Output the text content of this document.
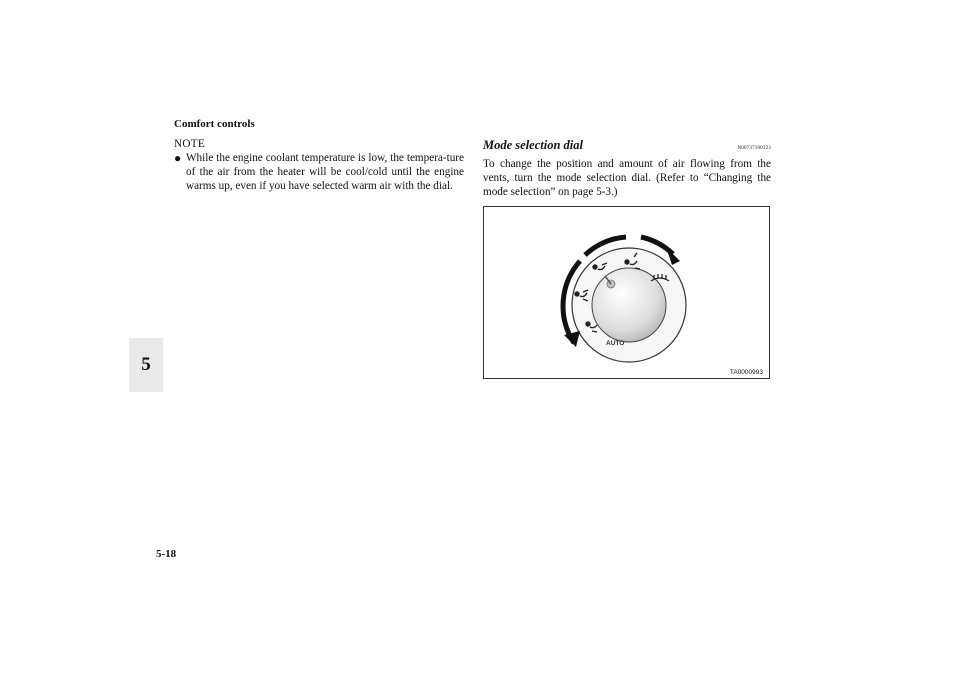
Comfort controls
5
NOTE
● While the engine coolant temperature is low, the tempera-ture of the air from the heater will be cool/cold until the engine warms up, even if you have selected warm air with the dial.
Mode selection dial	N00737100123
To change the position and amount of air flowing from the vents, turn the mode selection dial. (Refer to “Changing the mode selection” on page 5-3.)
AUTO
TA0000993
5-18
